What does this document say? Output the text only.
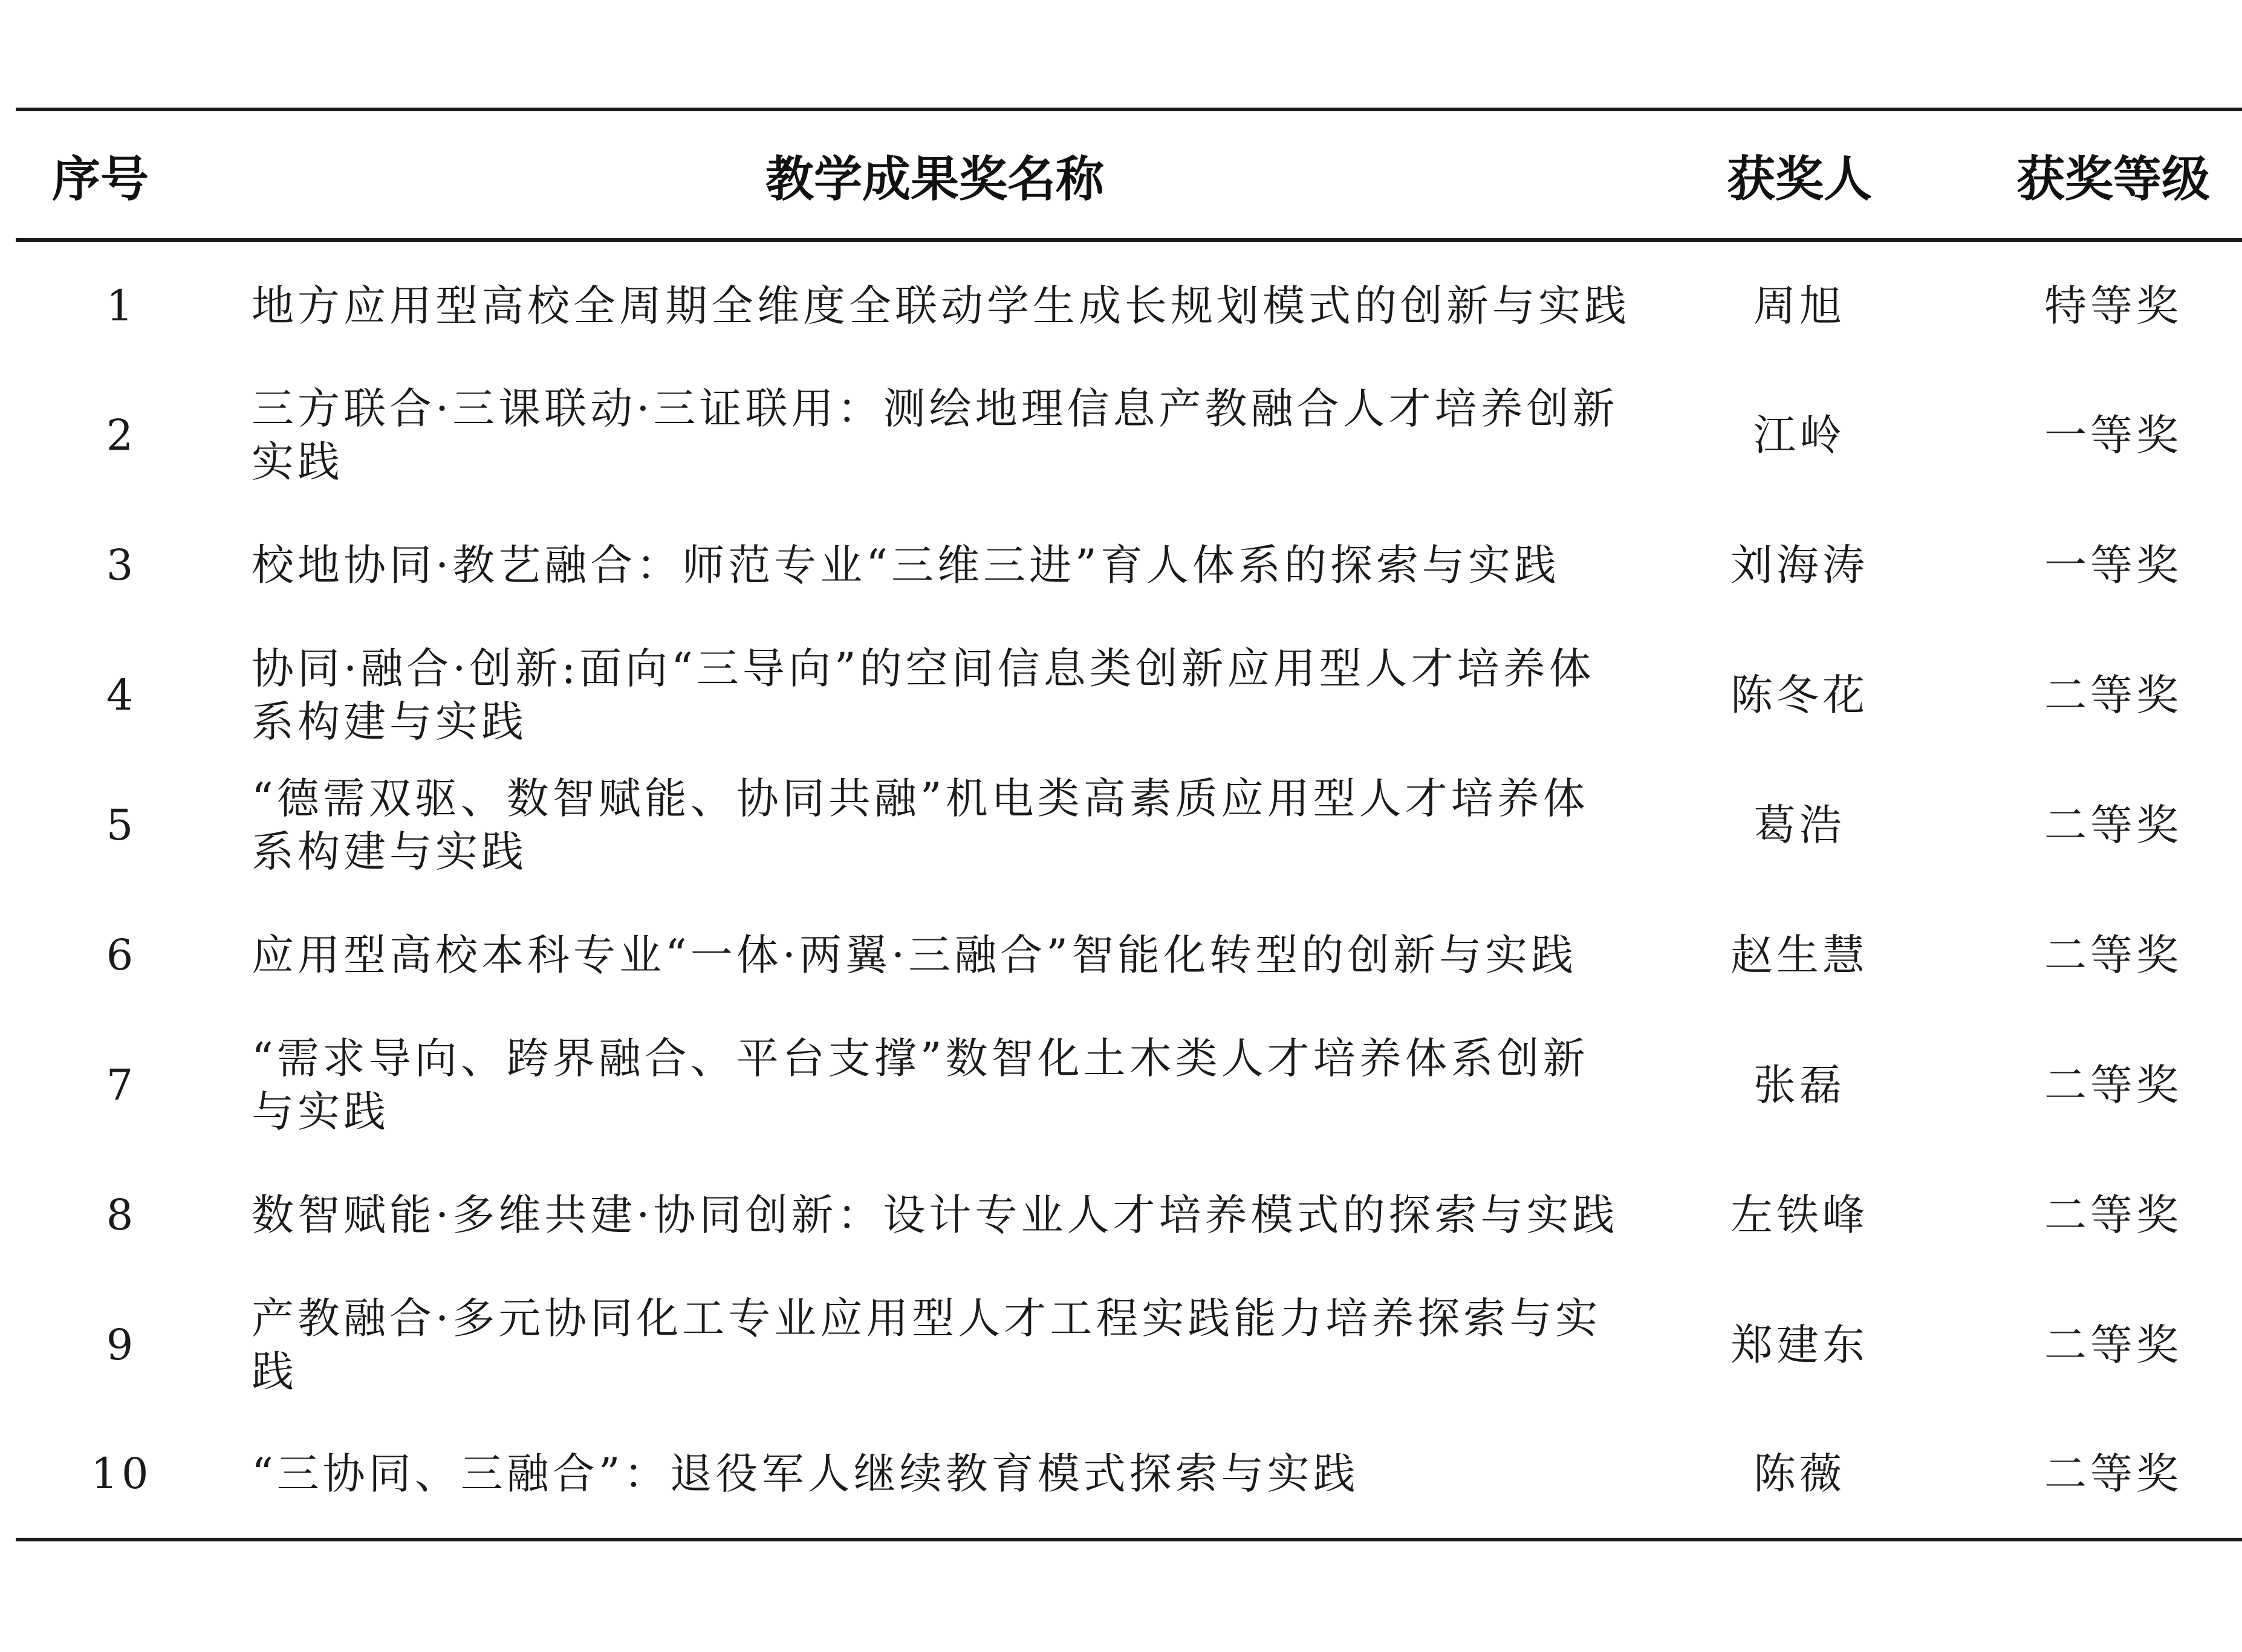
序号	教学成果奖名称	获奖人	获奖等级
1	地方应用型高校全周期全维度全联动学生成长规划模式的创新与实践	周旭	特等奖
2	三方联合·三课联动·三证联用：测绘地理信息产教融合人才培养创新实践	江岭	一等奖
3	校地协同·教艺融合：师范专业“三维三进”育人体系的探索与实践	刘海涛	一等奖
4	协同·融合·创新:面向“三导向”的空间信息类创新应用型人才培养体系构建与实践	陈冬花	二等奖
5	“德需双驱、数智赋能、协同共融”机电类高素质应用型人才培养体系构建与实践	葛浩	二等奖
6	应用型高校本科专业“一体·两翼·三融合”智能化转型的创新与实践	赵生慧	二等奖
7	“需求导向、跨界融合、平台支撑”数智化土木类人才培养体系创新与实践	张磊	二等奖
8	数智赋能·多维共建·协同创新：设计专业人才培养模式的探索与实践	左铁峰	二等奖
9	产教融合·多元协同化工专业应用型人才工程实践能力培养探索与实践	郑建东	二等奖
10	“三协同、三融合”：退役军人继续教育模式探索与实践	陈薇	二等奖
